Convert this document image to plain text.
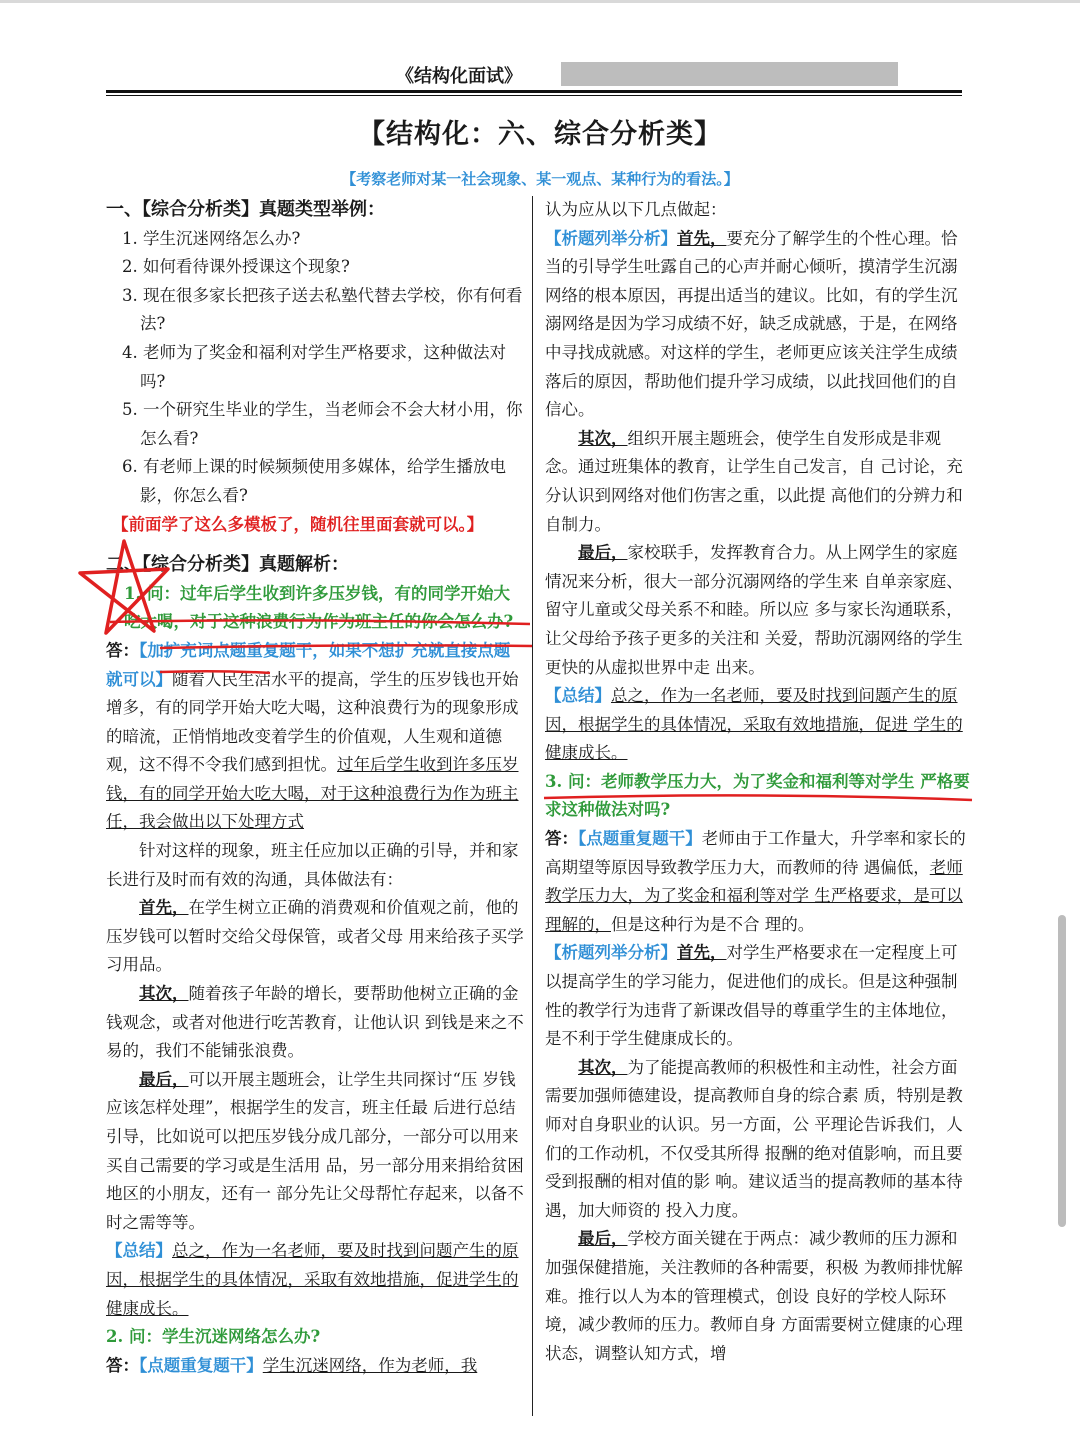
《结构化面试》
【结构化：六、综合分析类】
【考察老师对某一社会现象、某一观点、某种行为的看法。】

一、【综合分析类】真题类型举例：

1. 学生沉迷网络怎么办?

2. 如何看待课外授课这个现象?

3. 现在很多家长把孩子送去私塾代替去学校，你有何看法?

4. 老师为了奖金和福利对学生严格要求，这种做法对吗?

5. 一个研究生毕业的学生，当老师会不会大材小用，你怎么看?

6. 有老师上课的时候频频使用多媒体，给学生播放电影，你怎么看?

【前面学了这么多模板了，随机往里面套就可以。】

二、【综合分析类】真题解析：

1. 问：过年后学生收到许多压岁钱，有的同学开始大吃大喝，对于这种浪费行为作为班主任的你会怎么办?

答：【加扩充词点题重复题干，如果不想扩充就直接点题就可以】随着人民生活水平的提高，学生的压岁钱也开始增多，有的同学开始大吃大喝，这种浪费行为的现象形成的暗流，正悄悄地改变着学生的价值观，人生观和道德观，这不得不令我们感到担忧。过年后学生收到许多压岁钱，有的同学开始大吃大喝，对于这种浪费行为作为班主任，我会做出以下处理方式

针对这样的现象，班主任应加以正确的引导，并和家长进行及时而有效的沟通，具体做法有：

首先，在学生树立正确的消费观和价值观之前，他的压岁钱可以暂时交给父母保管，或者父母 用来给孩子买学习用品。

其次，随着孩子年龄的增长，要帮助他树立正确的金钱观念，或者对他进行吃苦教育，让他认识 到钱是来之不易的，我们不能铺张浪费。

最后，可以开展主题班会，让学生共同探讨“压 岁钱应该怎样处理”，根据学生的发言，班主任最 后进行总结引导，比如说可以把压岁钱分成几部分，一部分可以用来买自己需要的学习或是生活用 品，另一部分用来捐给贫困地区的小朋友，还有一 部分先让父母帮忙存起来，以备不时之需等等。

【总结】总之，作为一名老师，要及时找到问题产生的原因，根据学生的具体情况，采取有效地措施，促进学生的健康成长。

2. 问：学生沉迷网络怎么办?

答：【点题重复题干】学生沉迷网络，作为老师，我

认为应从以下几点做起：

【析题列举分析】首先，要充分了解学生的个性心理。恰当的引导学生吐露自己的心声并耐心倾听，摸清学生沉溺网络的根本原因，再提出适当的建议。比如，有的学生沉溺网络是因为学习成绩不好，缺乏成就感，于是，在网络中寻找成就感。对这样的学生，老师更应该关注学生成绩落后的原因，帮助他们提升学习成绩，以此找回他们的自信心。

其次，组织开展主题班会，使学生自发形成是非观念。通过班集体的教育，让学生自己发言，自 己讨论，充分认识到网络对他们伤害之重，以此提 高他们的分辨力和自制力。

最后，家校联手，发挥教育合力。从上网学生的家庭情况来分析，很大一部分沉溺网络的学生来 自单亲家庭、留守儿童或父母关系不和睦。所以应 多与家长沟通联系，让父母给予孩子更多的关注和 关爱，帮助沉溺网络的学生更快的从虚拟世界中走 出来。

【总结】总之，作为一名老师，要及时找到问题产生的原因，根据学生的具体情况，采取有效地措施，促进 学生的健康成长。

3. 问：老师教学压力大，为了奖金和福利等对学生 严格要求这种做法对吗?

答：【点题重复题干】老师由于工作量大，升学率和家长的高期望等原因导致教学压力大，而教师的待 遇偏低，老师教学压力大，为了奖金和福利等对学 生严格要求，是可以理解的，但是这种行为是不合 理的。

【析题列举分析】首先，对学生严格要求在一定程度上可以提高学生的学习能力，促进他们的成长。但是这种强制性的教学行为违背了新课改倡导的尊重学生的主体地位，是不利于学生健康成长的。

其次，为了能提高教师的积极性和主动性，社会方面需要加强师德建设，提高教师自身的综合素 质，特别是教师对自身职业的认识。另一方面，公 平理论告诉我们，人们的工作动机，不仅受其所得 报酬的绝对值影响，而且要受到报酬的相对值的影 响。建议适当的提高教师的基本待遇，加大师资的 投入力度。

最后，学校方面关键在于两点：减少教师的压力源和加强保健措施，关注教师的各种需要，积极 为教师排忧解难。推行以人为本的管理模式，创设 良好的学校人际环境，减少教师的压力。教师自身 方面需要树立健康的心理状态，调整认知方式，增
